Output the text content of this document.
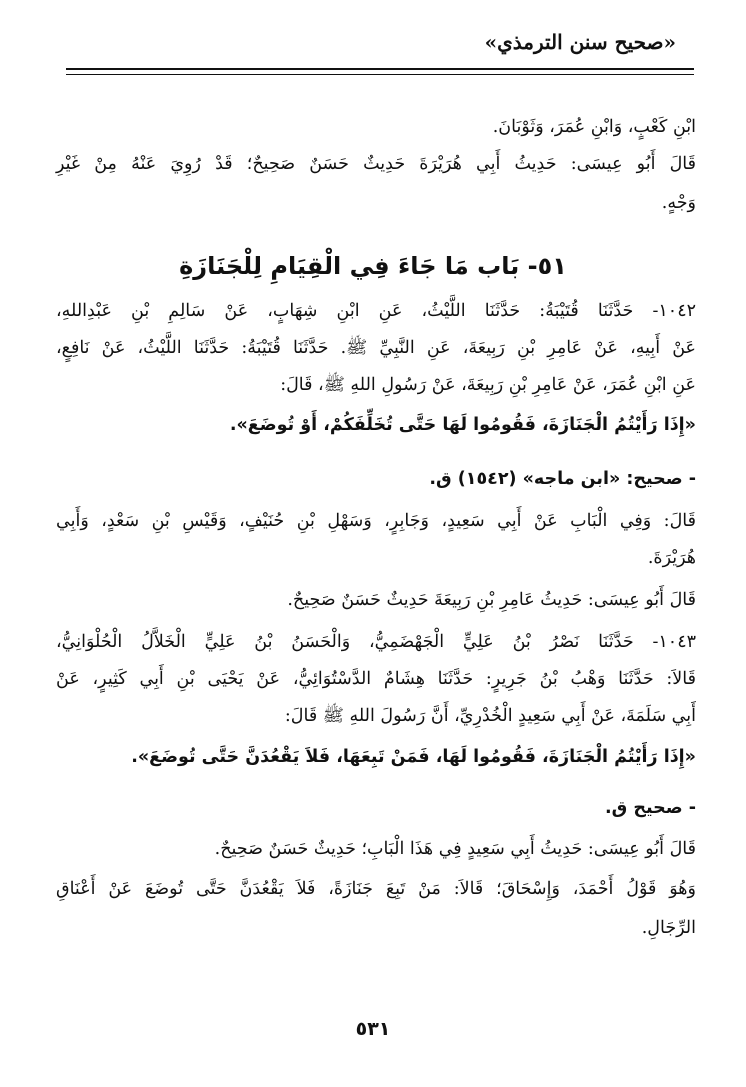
«صحيح سنن الترمذي»
ابْنِ كَعْبٍ، وَابْنِ عُمَرَ، وَثَوْبَانَ.
قَالَ أَبُو عِيسَى: حَدِيثُ أَبِي هُرَيْرَةَ حَدِيثٌ حَسَنٌ صَحِيحٌ؛ قَدْ رُوِيَ عَنْهُ مِنْ غَيْرِ
وَجْهٍ.
٥١- بَاب مَا جَاءَ فِي الْقِيَامِ لِلْجَنَازَةِ
١٠٤٢- حَدَّثَنَا قُتَيْبَةُ: حَدَّثَنَا اللَّيْثُ، عَنِ ابْنِ شِهَابٍ، عَنْ سَالِمِ بْنِ عَبْدِاللهِ،
عَنْ أَبِيهِ، عَنْ عَامِرِ بْنِ رَبِيعَةَ، عَنِ النَّبِيِّ ﷺ. حَدَّثَنَا قُتَيْبَةُ: حَدَّثَنَا اللَّيْثُ، عَنْ نَافِعٍ،
عَنِ ابْنِ عُمَرَ، عَنْ عَامِرِ بْنِ رَبِيعَةَ، عَنْ رَسُولِ اللهِ ﷺ، قَالَ:
«إِذَا رَأَيْتُمُ الْجَنَازَةَ، فَقُومُوا لَهَا حَتَّى تُخَلِّفَكُمْ، أَوْ تُوضَعَ».
- صحيح: «ابن ماجه» (١٥٤٢) ق.
قَالَ: وَفِي الْبَابِ عَنْ أَبِي سَعِيدٍ، وَجَابِرٍ، وَسَهْلِ بْنِ حُنَيْفٍ، وَقَيْسِ بْنِ سَعْدٍ، وَأَبِي
هُرَيْرَةَ.
قَالَ أَبُو عِيسَى: حَدِيثُ عَامِرِ بْنِ رَبِيعَةَ حَدِيثٌ حَسَنٌ صَحِيحٌ.
١٠٤٣- حَدَّثَنَا نَصْرُ بْنُ عَلِيٍّ الْجَهْضَمِيُّ، وَالْحَسَنُ بْنُ عَلِيٍّ الْخَلاَّلُ الْحُلْوَانِيُّ،
قَالاَ: حَدَّثَنَا وَهْبُ بْنُ جَرِيرٍ: حَدَّثَنَا هِشَامٌ الدَّسْتُوَائِيُّ، عَنْ يَحْيَى بْنِ أَبِي كَثِيرٍ، عَنْ
أَبِي سَلَمَةَ، عَنْ أَبِي سَعِيدٍ الْخُدْرِيِّ، أَنَّ رَسُولَ اللهِ ﷺ قَالَ:
«إِذَا رَأَيْتُمُ الْجَنَازَةَ، فَقُومُوا لَهَا، فَمَنْ تَبِعَهَا، فَلاَ يَقْعُدَنَّ حَتَّى تُوضَعَ».
- صحيح ق.
قَالَ أَبُو عِيسَى: حَدِيثُ أَبِي سَعِيدٍ فِي هَذَا الْبَابِ؛ حَدِيثٌ حَسَنٌ صَحِيحٌ.
وَهُوَ قَوْلُ أَحْمَدَ، وَإِسْحَاقَ؛ قَالاَ: مَنْ تَبِعَ جَنَازَةً، فَلاَ يَقْعُدَنَّ حَتَّى تُوضَعَ عَنْ أَعْنَاقِ
الرِّجَالِ.
٥٣١
